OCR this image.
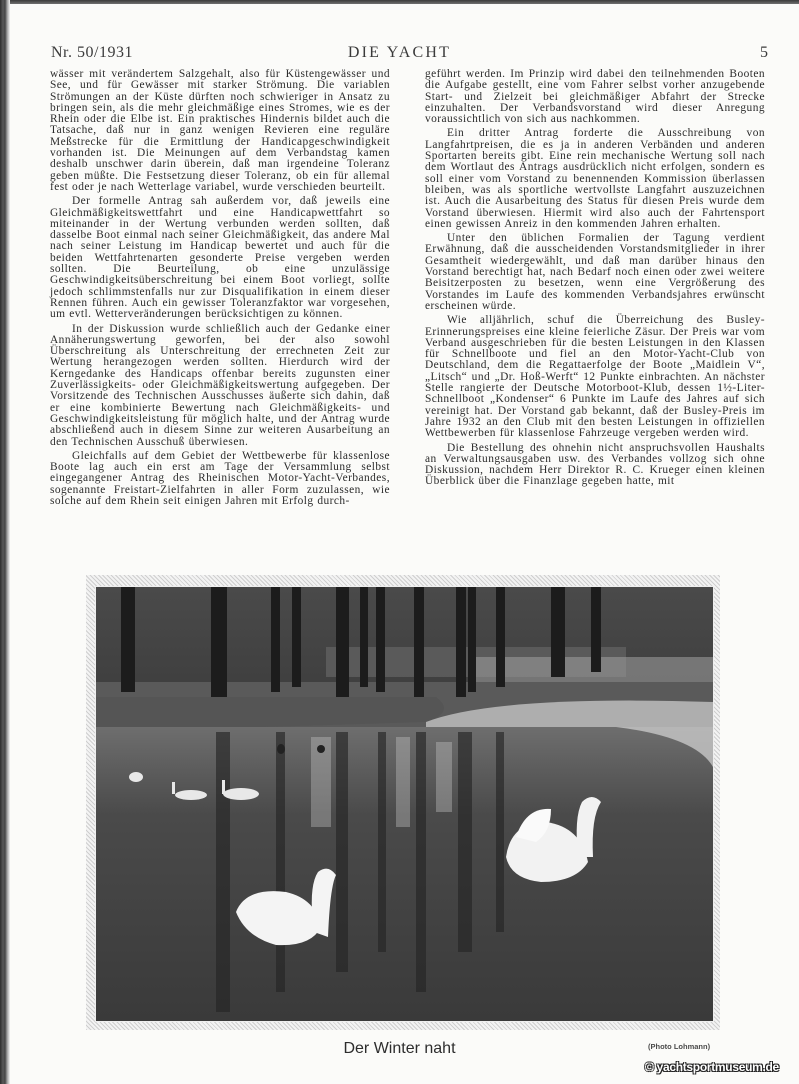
Nr. 50/1931	DIE YACHT	5

wässer mit verändertem Salzgehalt, also für Küstengewässer und See, und für Gewässer mit starker Strömung. Die variablen Strömungen an der Küste dürften noch schwieriger in Ansatz zu bringen sein, als die mehr gleichmäßige eines Stromes, wie es der Rhein oder die Elbe ist. Ein praktisches Hindernis bildet auch die Tatsache, daß nur in ganz wenigen Revieren eine reguläre Meßstrecke für die Ermittlung der Handicapgeschwindigkeit vorhanden ist. Die Meinungen auf dem Verbandstag kamen deshalb unschwer darin überein, daß man irgendeine Toleranz geben müßte. Die Festsetzung dieser Toleranz, ob ein für allemal fest oder je nach Wetterlage variabel, wurde verschieden beurteilt.

Der formelle Antrag sah außerdem vor, daß jeweils eine Gleichmäßigkeitswettfahrt und eine Handicapwettfahrt so miteinander in der Wertung verbunden werden sollten, daß dasselbe Boot einmal nach seiner Gleichmäßigkeit, das andere Mal nach seiner Leistung im Handicap bewertet und auch für die beiden Wettfahrtenarten gesonderte Preise vergeben werden sollten. Die Beurteilung, ob eine unzulässige Geschwindigkeitsüberschreitung bei einem Boot vorliegt, sollte jedoch schlimmstenfalls nur zur Disqualifikation in einem dieser Rennen führen. Auch ein gewisser Toleranzfaktor war vorgesehen, um evtl. Wetterveränderungen berücksichtigen zu können.

In der Diskussion wurde schließlich auch der Gedanke einer Annäherungswertung geworfen, bei der also sowohl Überschreitung als Unterschreitung der errechneten Zeit zur Wertung herangezogen werden sollten. Hierdurch wird der Kerngedanke des Handicaps offenbar bereits zugunsten einer Zuverlässigkeits- oder Gleichmäßigkeitswertung aufgegeben. Der Vorsitzende des Technischen Ausschusses äußerte sich dahin, daß er eine kombinierte Bewertung nach Gleichmäßigkeits- und Geschwindigkeitsleistung für möglich halte, und der Antrag wurde abschließend auch in diesem Sinne zur weiteren Ausarbeitung an den Technischen Ausschuß überwiesen.

Gleichfalls auf dem Gebiet der Wettbewerbe für klassenlose Boote lag auch ein erst am Tage der Versammlung selbst eingegangener Antrag des Rheinischen Motor-Yacht-Verbandes, sogenannte Freistart-Zielfahrten in aller Form zuzulassen, wie solche auf dem Rhein seit einigen Jahren mit Erfolg durch-

geführt werden. Im Prinzip wird dabei den teilnehmenden Booten die Aufgabe gestellt, eine vom Fahrer selbst vorher anzugebende Start- und Zielzeit bei gleichmäßiger Abfahrt der Strecke einzuhalten. Der Verbandsvorstand wird dieser Anregung voraussichtlich von sich aus nachkommen.

Ein dritter Antrag forderte die Ausschreibung von Langfahrtpreisen, die es ja in anderen Verbänden und anderen Sportarten bereits gibt. Eine rein mechanische Wertung soll nach dem Wortlaut des Antrags ausdrücklich nicht erfolgen, sondern es soll einer vom Vorstand zu benennenden Kommission überlassen bleiben, was als sportliche wertvollste Langfahrt auszuzeichnen ist. Auch die Ausarbeitung des Status für diesen Preis wurde dem Vorstand überwiesen. Hiermit wird also auch der Fahrtensport einen gewissen Anreiz in den kommenden Jahren erhalten.

Unter den üblichen Formalien der Tagung verdient Erwähnung, daß die ausscheidenden Vorstandsmitglieder in ihrer Gesamtheit wiedergewählt, und daß man darüber hinaus den Vorstand berechtigt hat, nach Bedarf noch einen oder zwei weitere Beisitzerposten zu besetzen, wenn eine Vergrößerung des Vorstandes im Laufe des kommenden Verbandsjahres erwünscht erscheinen würde.

Wie alljährlich, schuf die Überreichung des Busley-Erinnerungspreises eine kleine feierliche Zäsur. Der Preis war vom Verband ausgeschrieben für die besten Leistungen in den Klassen für Schnellboote und fiel an den Motor-Yacht-Club von Deutschland, dem die Regattaerfolge der Boote „Maidlein V“, „Litsch“ und „Dr. Hoß-Werft“ 12 Punkte einbrachten. An nächster Stelle rangierte der Deutsche Motorboot-Klub, dessen 1½-Liter-Schnellboot „Kondenser“ 6 Punkte im Laufe des Jahres auf sich vereinigt hat. Der Vorstand gab bekannt, daß der Busley-Preis im Jahre 1932 an den Club mit den besten Leistungen in offiziellen Wettbewerben für klassenlose Fahrzeuge vergeben werden wird.

Die Bestellung des ohnehin nicht anspruchsvollen Haushalts an Verwaltungsausgaben usw. des Verbandes vollzog sich ohne Diskussion, nachdem Herr Direktor R. C. Krueger einen kleinen Überblick über die Finanzlage gegeben hatte, mit

Der Winter naht	(Photo Lohmann)
© yachtsportmuseum.de
